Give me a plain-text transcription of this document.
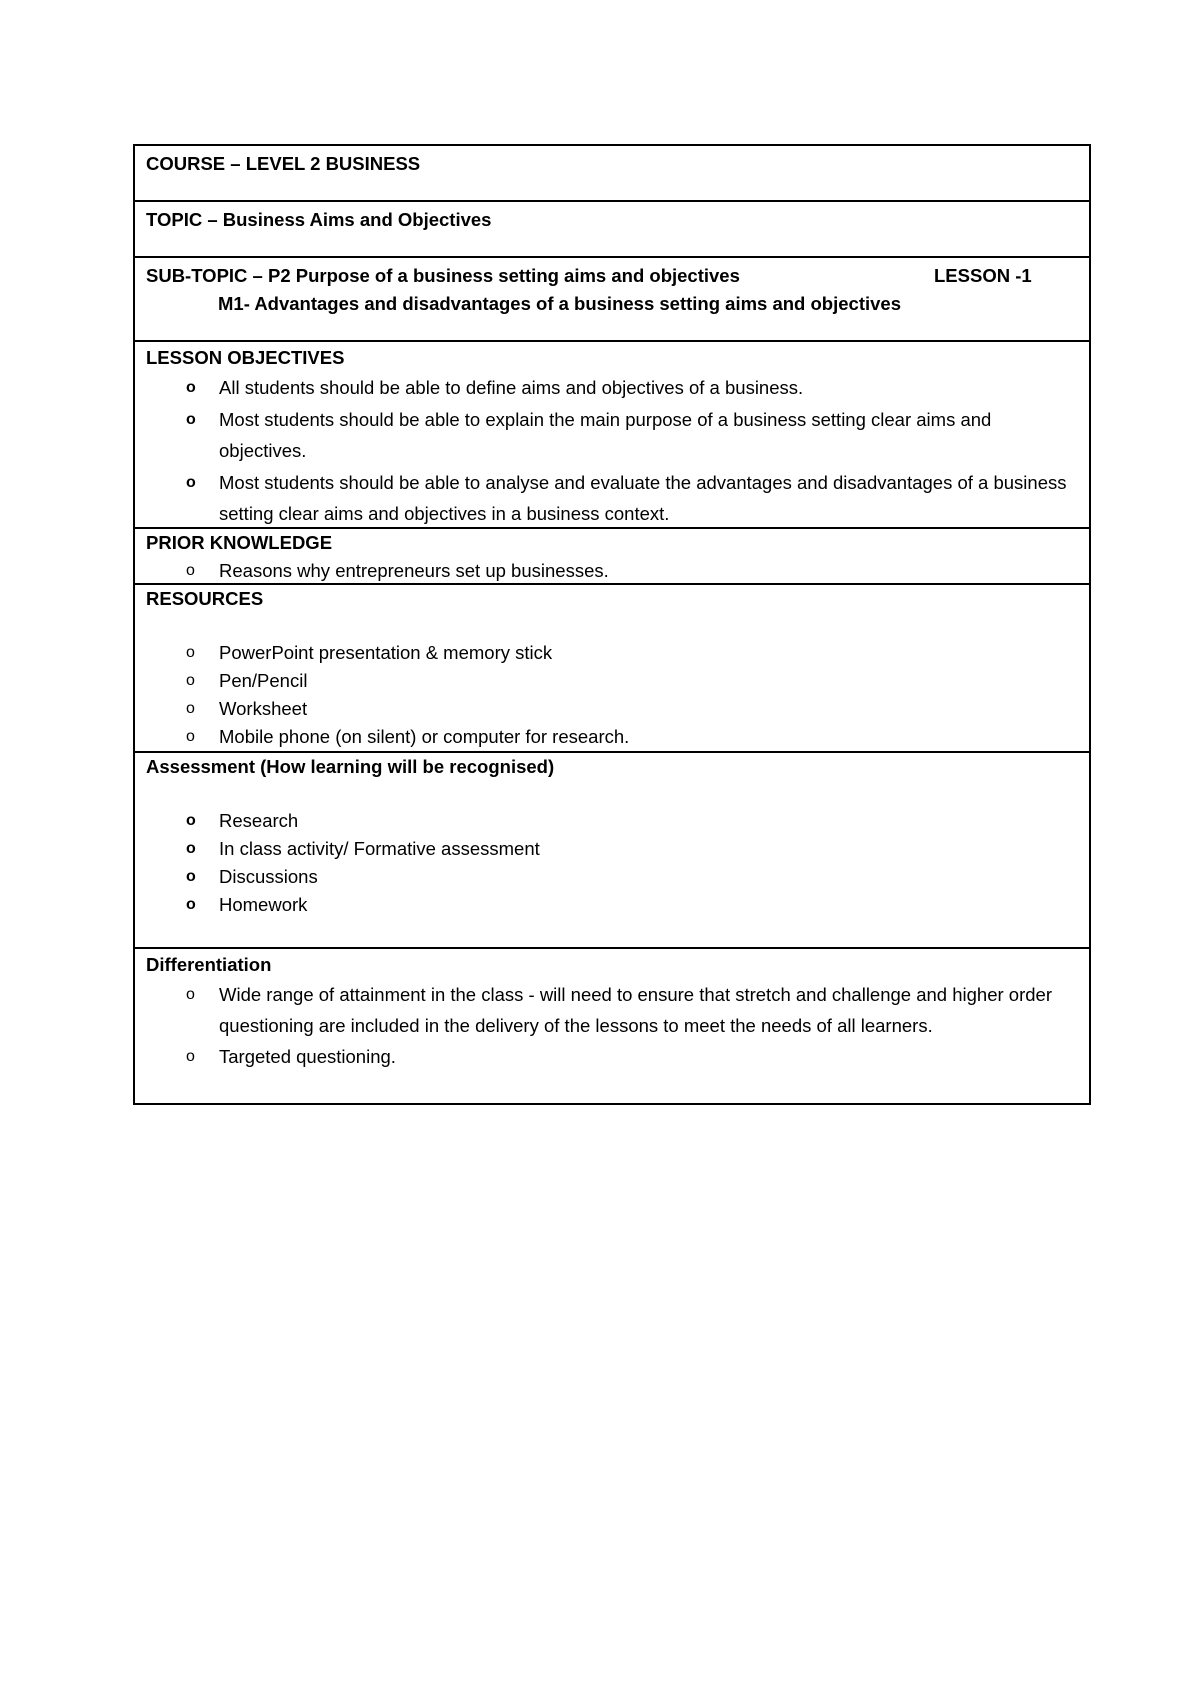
COURSE – LEVEL 2 BUSINESS
TOPIC – Business Aims and Objectives
SUB-TOPIC – P2 Purpose of a business setting aims and objectives	LESSON -1
M1- Advantages and disadvantages of a business setting aims and objectives
LESSON OBJECTIVES
o All students should be able to define aims and objectives of a business.
o Most students should be able to explain the main purpose of a business setting clear aims and objectives.
o Most students should be able to analyse and evaluate the advantages and disadvantages of a business setting clear aims and objectives in a business context.
PRIOR KNOWLEDGE
o Reasons why entrepreneurs set up businesses.
RESOURCES
o PowerPoint presentation & memory stick
o Pen/Pencil
o Worksheet
o Mobile phone (on silent) or computer for research.
Assessment (How learning will be recognised)
o Research
o In class activity/ Formative assessment
o Discussions
o Homework
Differentiation
o Wide range of attainment in the class - will need to ensure that stretch and challenge and higher order questioning are included in the delivery of the lessons to meet the needs of all learners.
o Targeted questioning.
